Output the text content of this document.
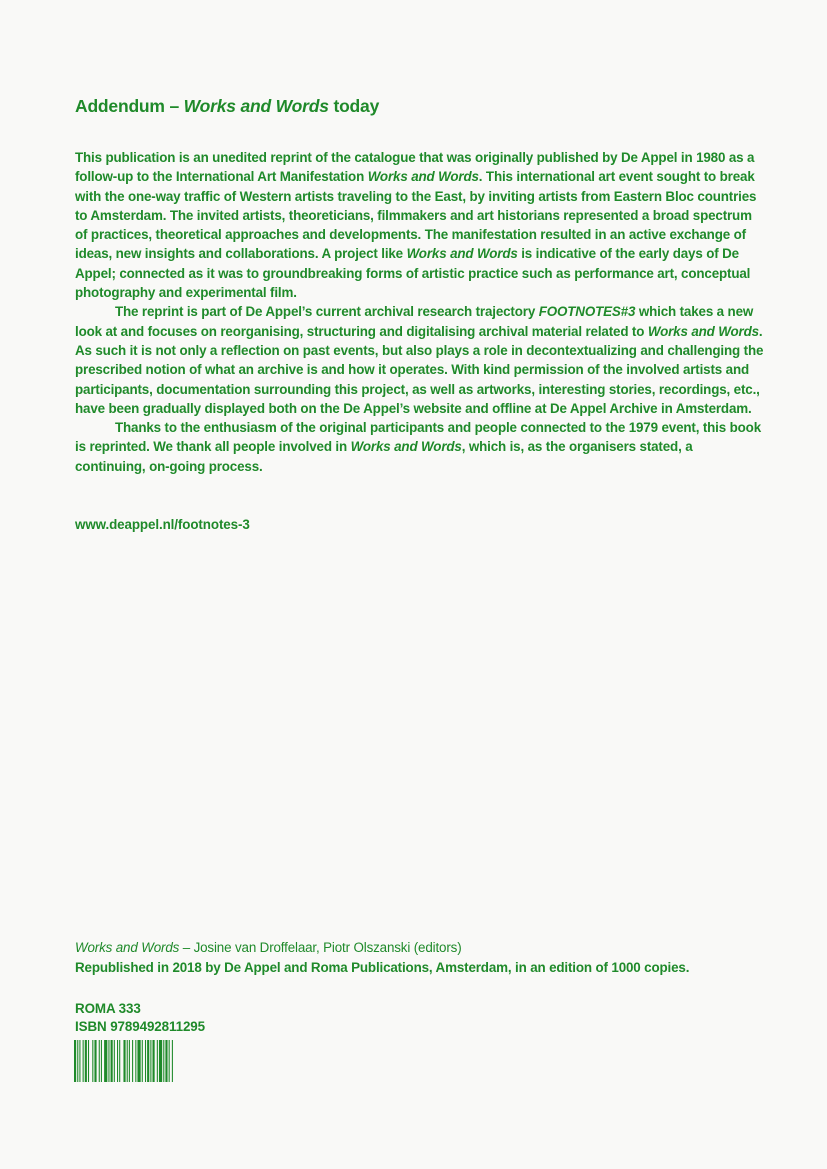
Addendum – Works and Words today

This publication is an unedited reprint of the catalogue that was originally published by De Appel in 1980 as a follow-up to the International Art Manifestation Works and Words. This international art event sought to break with the one-way traffic of Western artists traveling to the East, by inviting artists from Eastern Bloc countries to Amsterdam. The invited artists, theoreticians, filmmakers and art historians represented a broad spectrum of practices, theoretical approaches and developments. The manifestation resulted in an active exchange of ideas, new insights and collaborations. A project like Works and Words is indicative of the early days of De Appel; connected as it was to groundbreaking forms of artistic practice such as performance art, conceptual photography and experimental film.

The reprint is part of De Appel’s current archival research trajectory FOOTNOTES#3 which takes a new look at and focuses on reorganising, structuring and digitalising archival material related to Works and Words. As such it is not only a reflection on past events, but also plays a role in decontextualizing and challenging the prescribed notion of what an archive is and how it operates. With kind permission of the involved artists and participants, documentation surrounding this project, as well as artworks, interesting stories, recordings, etc., have been gradually displayed both on the De Appel’s website and offline at De Appel Archive in Amsterdam.

Thanks to the enthusiasm of the original participants and people connected to the 1979 event, this book is reprinted. We thank all people involved in Works and Words, which is, as the organisers stated, a continuing, on-going process.

www.deappel.nl/footnotes-3
Works and Words – Josine van Droffelaar, Piotr Olszanski (editors)
Republished in 2018 by De Appel and Roma Publications, Amsterdam, in an edition of 1000 copies.
ROMA 333
ISBN 9789492811295
